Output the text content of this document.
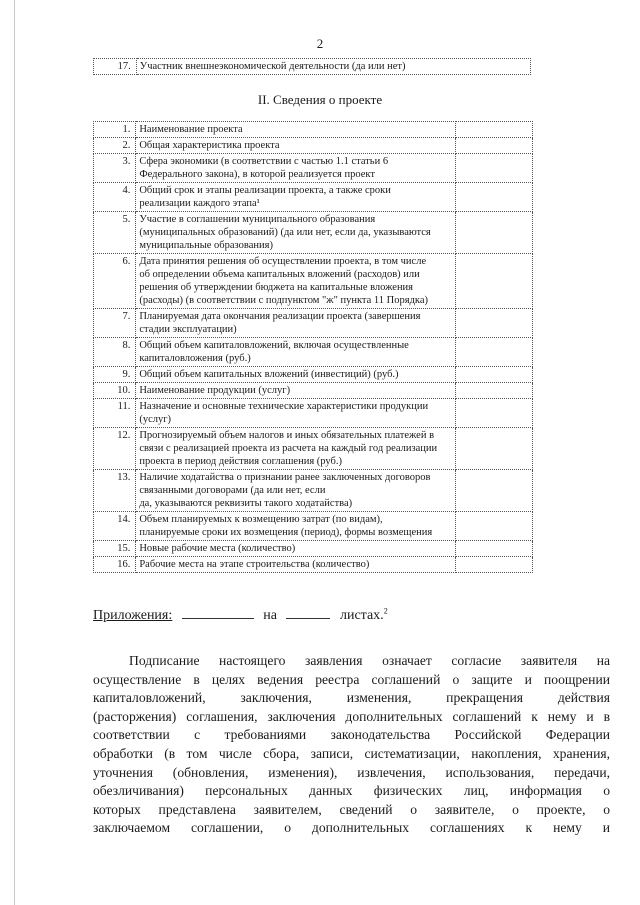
2
17.	Участник внешнеэкономической деятельности (да или нет)
II. Сведения о проекте
1.	Наименование проекта	
2.	Общая характеристика проекта	
3.	Сфера экономики (в соответствии с частью 1.1 статьи 6
Федерального закона), в которой реализуется проект	
4.	Общий срок и этапы реализации проекта, а также сроки
реализации каждого этапа¹	
5.	Участие в соглашении муниципального образования
(муниципальных образований) (да или нет, если да, указываются
муниципальные образования)	
6.	Дата принятия решения об осуществлении проекта, в том числе
об определении объема капитальных вложений (расходов) или
решения об утверждении бюджета на капитальные вложения
(расходы) (в соответствии с подпунктом "ж" пункта 11 Порядка)	
7.	Планируемая дата окончания реализации проекта (завершения
стадии эксплуатации)	
8.	Общий объем капиталовложений, включая осуществленные
капиталовложения (руб.)	
9.	Общий объем капитальных вложений (инвестиций) (руб.)	
10.	Наименование продукции (услуг)	
11.	Назначение и основные технические характеристики продукции
(услуг)	
12.	Прогнозируемый объем налогов и иных обязательных платежей в
связи с реализацией проекта из расчета на каждый год реализации
проекта в период действия соглашения (руб.)	
13.	Наличие ходатайства о признании ранее заключенных договоров
связанными договорами (да или нет, если
да, указываются реквизиты такого ходатайства)	
14.	Объем планируемых к возмещению затрат (по видам),
планируемые сроки их возмещения (период), формы возмещения	
15.	Новые рабочие места (количество)	
16.	Рабочие места на этапе строительства (количество)	
Приложения:	на	листах.$^2$

Подписание настоящего заявления означает согласие заявителя на
осуществление в целях ведения реестра соглашений о защите и поощрении
капиталовложений, заключения, изменения, прекращения действия
(расторжения) соглашения, заключения дополнительных соглашений к нему и в
соответствии с требованиями законодательства Российской Федерации
обработки (в том числе сбора, записи, систематизации, накопления, хранения,
уточнения (обновления, изменения), извлечения, использования, передачи,
обезличивания) персональных данных физических лиц, информация о
которых представлена заявителем, сведений о заявителе, о проекте, о
заключаемом соглашении, о дополнительных соглашениях к нему и
